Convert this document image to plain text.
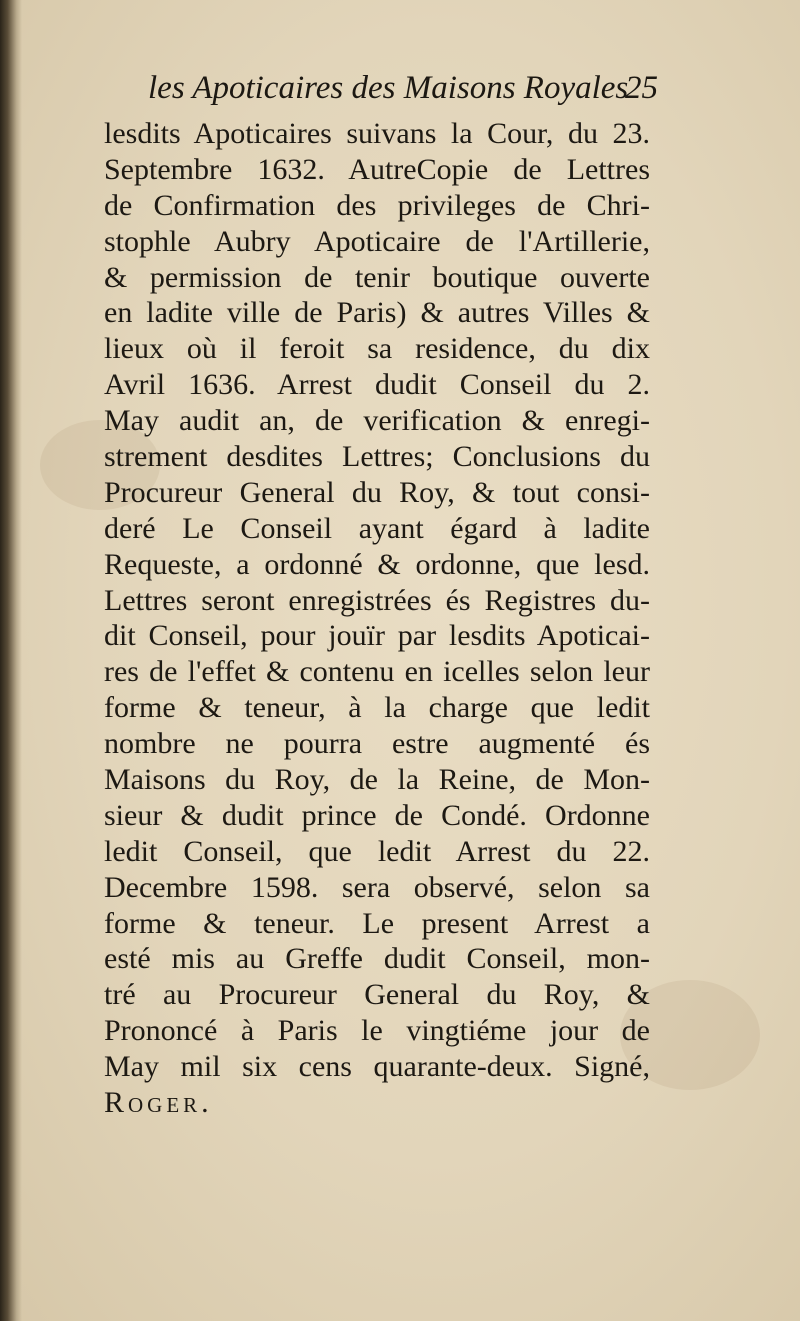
les Apoticaires des Maisons Royales
25
lesdits Apoticaires suivans la Cour, du 23.
Septembre 1632. AutreCopie de Lettres
de Confirmation des privileges de Chri-
stophle Aubry Apoticaire de l'Artillerie,
& permission de tenir boutique ouverte
en ladite ville de Paris) & autres Villes &
lieux où il feroit sa residence, du dix
Avril 1636. Arrest dudit Conseil du 2.
May audit an, de verification & enregi-
strement desdites Lettres; Conclusions du
Procureur General du Roy, & tout consi-
deré Le Conseil ayant égard à ladite
Requeste, a ordonné & ordonne, que lesd.
Lettres seront enregistrées és Registres du-
dit Conseil, pour jouïr par lesdits Apoticai-
res de l'effet & contenu en icelles selon leur
forme & teneur, à la charge que ledit
nombre ne pourra estre augmenté és
Maisons du Roy, de la Reine, de Mon-
sieur & dudit prince de Condé. Ordonne
ledit Conseil, que ledit Arrest du 22.
Decembre 1598. sera observé, selon sa
forme & teneur. Le present Arrest a
esté mis au Greffe dudit Conseil, mon-
tré au Procureur General du Roy, &
Prononcé à Paris le vingtiéme jour de
May mil six cens quarante-deux. Signé,
Roger.
